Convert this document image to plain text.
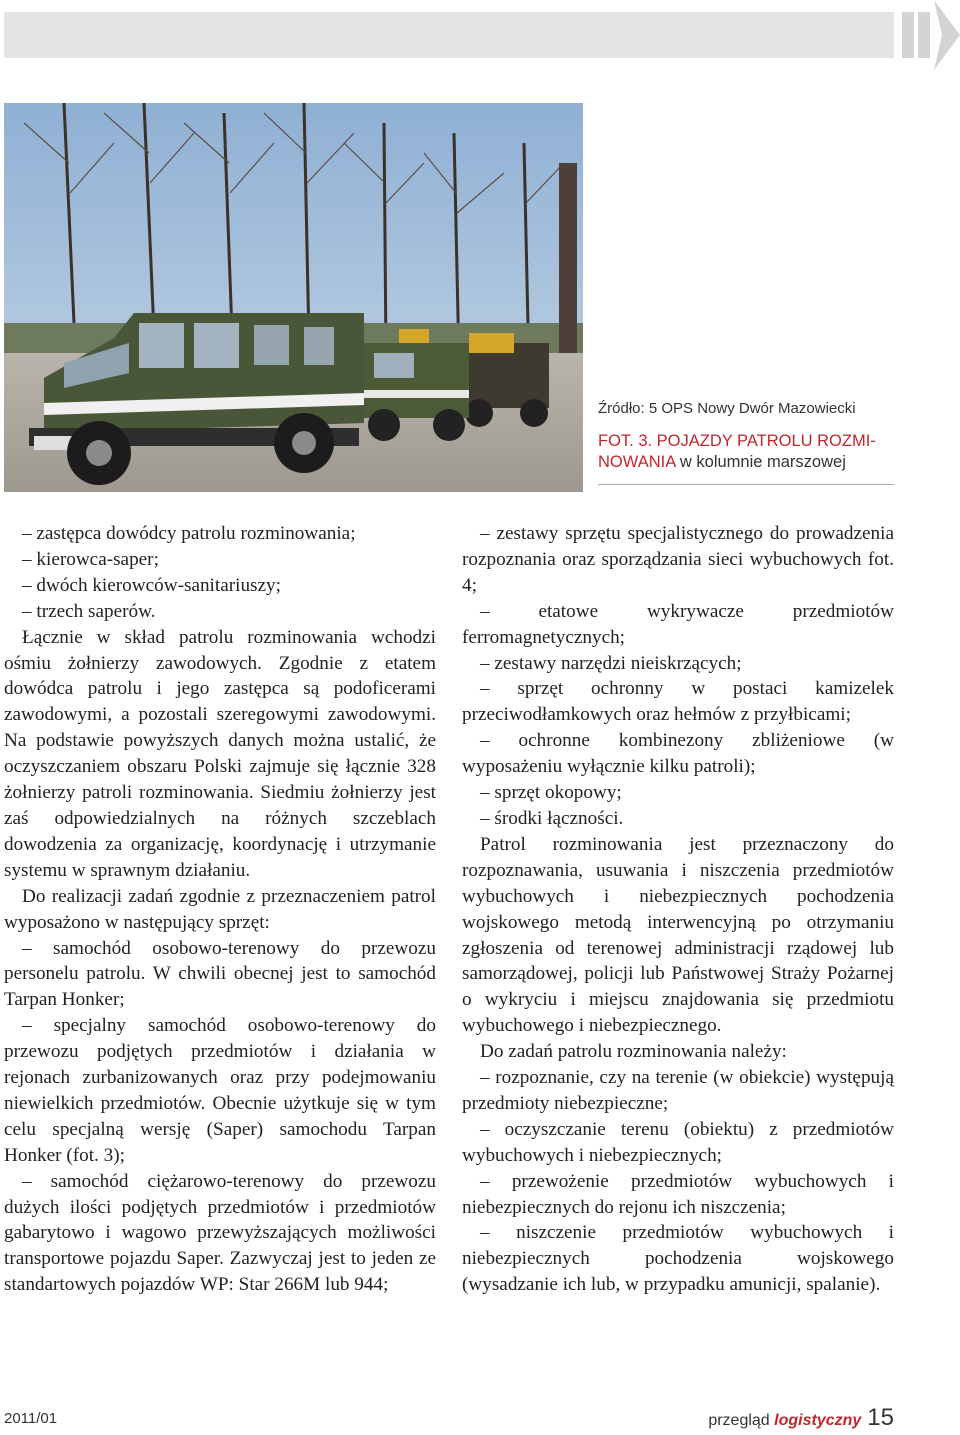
Źródło: 5 OPS Nowy Dwór Mazowiecki
FOT. 3. POJAZDY PATROLU ROZMI-NOWANIA w kolumnie marszowej

– zastępca dowódcy patrolu rozminowania;

– kierowca-saper;

– dwóch kierowców-sanitariuszy;

– trzech saperów.

Łącznie w skład patrolu rozminowania wchodzi ośmiu żołnierzy zawodowych. Zgodnie z etatem dowódca patrolu i jego zastępca są podoficerami zawodowymi, a pozostali szeregowymi zawodowymi. Na podstawie powyższych danych można ustalić, że oczyszczaniem obszaru Polski zajmuje się łącznie 328 żołnierzy patroli rozminowania. Siedmiu żołnierzy jest zaś odpowiedzialnych na różnych szczeblach dowodzenia za organizację, koordynację i utrzymanie systemu w sprawnym działaniu.

Do realizacji zadań zgodnie z przeznaczeniem patrol wyposażono w następujący sprzęt:

– samochód osobowo-terenowy do przewozu personelu patrolu. W chwili obecnej jest to samochód Tarpan Honker;

– specjalny samochód osobowo-terenowy do przewozu podjętych przedmiotów i działania w rejonach zurbanizowanych oraz przy podejmowaniu niewielkich przedmiotów. Obecnie użytkuje się w tym celu specjalną wersję (Saper) samochodu Tarpan Honker (fot. 3);

– samochód ciężarowo-terenowy do przewozu dużych ilości podjętych przedmiotów i przedmiotów gabarytowo i wagowo przewyższających możliwości transportowe pojazdu Saper. Zazwyczaj jest to jeden ze standartowych pojazdów WP: Star 266M lub 944;

– zestawy sprzętu specjalistycznego do prowadzenia rozpoznania oraz sporządzania sieci wybuchowych fot. 4;

– etatowe wykrywacze przedmiotów ferromagnetycznych;

– zestawy narzędzi nieiskrzących;

– sprzęt ochronny w postaci kamizelek przeciwodłamkowych oraz hełmów z przyłbicami;

– ochronne kombinezony zbliżeniowe (w wyposażeniu wyłącznie kilku patroli);

– sprzęt okopowy;

– środki łączności.

Patrol rozminowania jest przeznaczony do rozpoznawania, usuwania i niszczenia przedmiotów wybuchowych i niebezpiecznych pochodzenia wojskowego metodą interwencyjną po otrzymaniu zgłoszenia od terenowej administracji rządowej lub samorządowej, policji lub Państwowej Straży Pożarnej o wykryciu i miejscu znajdowania się przedmiotu wybuchowego i niebezpiecznego.

Do zadań patrolu rozminowania należy:

– rozpoznanie, czy na terenie (w obiekcie) występują przedmioty niebezpieczne;

– oczyszczanie terenu (obiektu) z przedmiotów wybuchowych i niebezpiecznych;

– przewożenie przedmiotów wybuchowych i niebezpiecznych do rejonu ich niszczenia;

– niszczenie przedmiotów wybuchowych i niebezpiecznych pochodzenia wojskowego (wysadzanie ich lub, w przypadku amunicji, spalanie).

2011/01	przegląd logistyczny 15
